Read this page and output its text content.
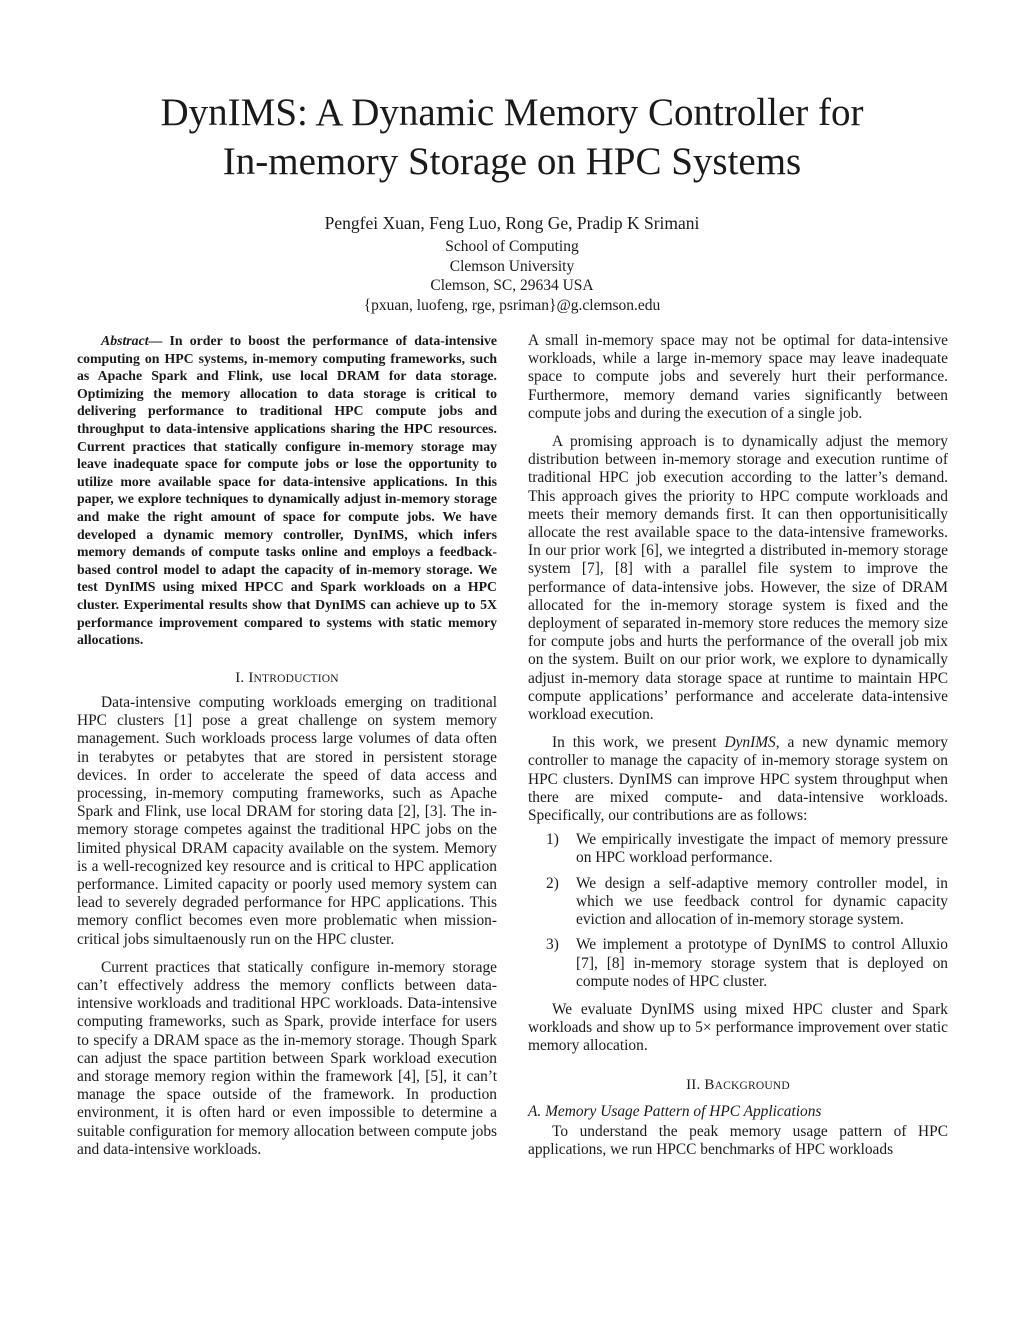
DynIMS: A Dynamic Memory Controller for
In-memory Storage on HPC Systems
Pengfei Xuan, Feng Luo, Rong Ge, Pradip K Srimani
School of Computing
Clemson University
Clemson, SC, 29634 USA
{pxuan, luofeng, rge, psriman}@g.clemson.edu

Abstract— In order to boost the performance of data-intensive computing on HPC systems, in-memory computing frameworks, such as Apache Spark and Flink, use local DRAM for data storage. Optimizing the memory allocation to data storage is critical to delivering performance to traditional HPC compute jobs and throughput to data-intensive applications sharing the HPC resources. Current practices that statically configure in-memory storage may leave inadequate space for compute jobs or lose the opportunity to utilize more available space for data-intensive applications. In this paper, we explore techniques to dynamically adjust in-memory storage and make the right amount of space for compute jobs. We have developed a dynamic memory controller, DynIMS, which infers memory demands of compute tasks online and employs a feedback-based control model to adapt the capacity of in-memory storage. We test DynIMS using mixed HPCC and Spark workloads on a HPC cluster. Experimental results show that DynIMS can achieve up to 5X performance improvement compared to systems with static memory allocations.

I. INTRODUCTION

Data-intensive computing workloads emerging on traditional HPC clusters [1] pose a great challenge on system memory management. Such workloads process large volumes of data often in terabytes or petabytes that are stored in persistent storage devices. In order to accelerate the speed of data access and processing, in-memory computing frameworks, such as Apache Spark and Flink, use local DRAM for storing data [2], [3]. The in-memory storage competes against the traditional HPC jobs on the limited physical DRAM capacity available on the system. Memory is a well-recognized key resource and is critical to HPC application performance. Limited capacity or poorly used memory system can lead to severely degraded performance for HPC applications. This memory conflict becomes even more problematic when mission-critical jobs simultaenously run on the HPC cluster.

Current practices that statically configure in-memory storage can’t effectively address the memory conflicts between data-intensive workloads and traditional HPC workloads. Data-intensive computing frameworks, such as Spark, provide interface for users to specify a DRAM space as the in-memory storage. Though Spark can adjust the space partition between Spark workload execution and storage memory region within the framework [4], [5], it can’t manage the space outside of the framework. In production environment, it is often hard or even impossible to determine a suitable configuration for memory allocation between compute jobs and data-intensive workloads.

A small in-memory space may not be optimal for data-intensive workloads, while a large in-memory space may leave inadequate space to compute jobs and severely hurt their performance. Furthermore, memory demand varies significantly between compute jobs and during the execution of a single job.

A promising approach is to dynamically adjust the memory distribution between in-memory storage and execution runtime of traditional HPC job execution according to the latter’s demand. This approach gives the priority to HPC compute workloads and meets their memory demands first. It can then opportunisitically allocate the rest available space to the data-intensive frameworks. In our prior work [6], we integrted a distributed in-memory storage system [7], [8] with a parallel file system to improve the performance of data-intensive jobs. However, the size of DRAM allocated for the in-memory storage system is fixed and the deployment of separated in-memory store reduces the memory size for compute jobs and hurts the performance of the overall job mix on the system. Built on our prior work, we explore to dynamically adjust in-memory data storage space at runtime to maintain HPC compute applications’ performance and accelerate data-intensive workload execution.

In this work, we present DynIMS, a new dynamic memory controller to manage the capacity of in-memory storage system on HPC clusters. DynIMS can improve HPC system throughput when there are mixed compute- and data-intensive workloads. Specifically, our contributions are as follows:

1) We empirically investigate the impact of memory pressure on HPC workload performance.
2) We design a self-adaptive memory controller model, in which we use feedback control for dynamic capacity eviction and allocation of in-memory storage system.
3) We implement a prototype of DynIMS to control Alluxio [7], [8] in-memory storage system that is deployed on compute nodes of HPC cluster.

We evaluate DynIMS using mixed HPC cluster and Spark workloads and show up to 5× performance improvement over static memory allocation.

II. BACKGROUND
A. Memory Usage Pattern of HPC Applications

To understand the peak memory usage pattern of HPC applications, we run HPCC benchmarks of HPC workloads
